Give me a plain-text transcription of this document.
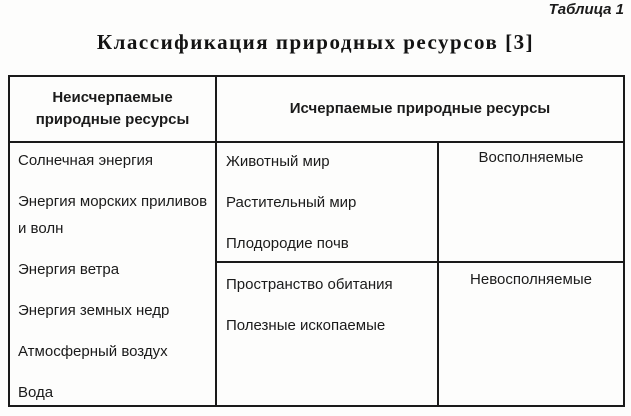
Таблица 1
Классификация природных ресурсов [3]
Неисчерпаемые природные ресурсы
Исчерпаемые природные ресурсы
Солнечная энергия
Энергия морских приливов и волн
Энергия ветра
Энергия земных недр
Атмосферный воздух
Вода
Животный мир
Растительный мир
Плодородие почв
Восполняемые
Пространство обитания
Полезные ископаемые
Невосполняемые
